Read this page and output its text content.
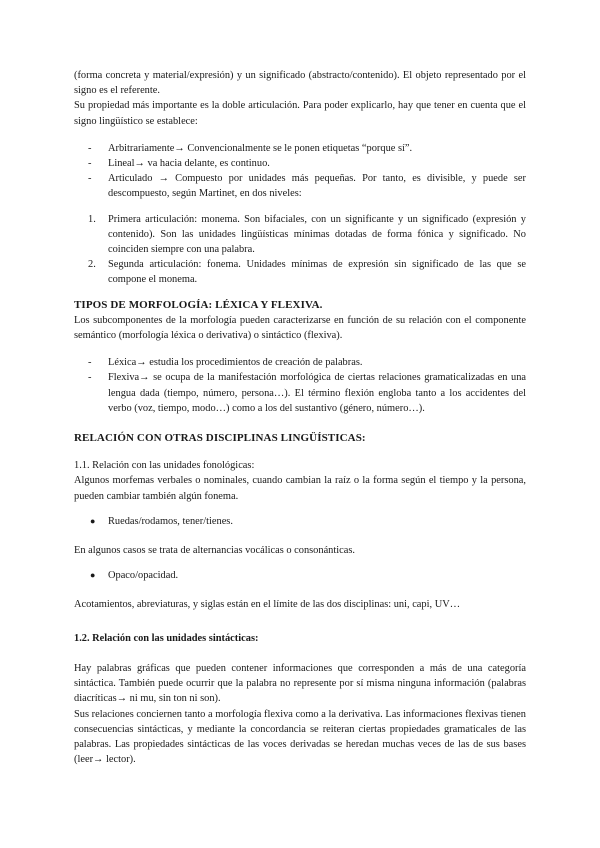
(forma concreta y material/expresión) y un significado (abstracto/contenido). El objeto representado por el signo es el referente.

Su propiedad más importante es la doble articulación. Para poder explicarlo, hay que tener en cuenta que el signo lingüístico se establece:

- Arbitrariamente→ Convencionalmente se le ponen etiquetas “porque sí”.
- Lineal→ va hacia delante, es continuo.
- Articulado → Compuesto por unidades más pequeñas. Por tanto, es divisible, y puede ser descompuesto, según Martinet, en dos niveles:
1. Primera articulación: monema. Son bifaciales, con un significante y un significado (expresión y contenido). Son las unidades lingüísticas mínimas dotadas de forma fónica y significado. No coinciden siempre con una palabra.
2. Segunda articulación: fonema. Unidades mínimas de expresión sin significado de las que se compone el monema.
TIPOS DE MORFOLOGÍA: LÉXICA Y FLEXIVA.

Los subcomponentes de la morfología pueden caracterizarse en función de su relación con el componente semántico (morfología léxica o derivativa) o sintáctico (flexiva).

- Léxica→ estudia los procedimientos de creación de palabras.
- Flexiva→ se ocupa de la manifestación morfológica de ciertas relaciones gramaticalizadas en una lengua dada (tiempo, número, persona…). El término flexión engloba tanto a los accidentes del verbo (voz, tiempo, modo…) como a los del sustantivo (género, número…).
RELACIÓN CON OTRAS DISCIPLINAS LINGÜÍSTICAS:

1.1. Relación con las unidades fonológicas:

Algunos morfemas verbales o nominales, cuando cambian la raíz o la forma según el tiempo y la persona, pueden cambiar también algún fonema.

● Ruedas/rodamos, tener/tienes.

En algunos casos se trata de alternancias vocálicas o consonánticas.

● Opaco/opacidad.

Acotamientos, abreviaturas, y siglas están en el límite de las dos disciplinas: uni, capi, UV…

1.2. Relación con las unidades sintácticas:

Hay palabras gráficas que pueden contener informaciones que corresponden a más de una categoría sintáctica. También puede ocurrir que la palabra no represente por sí misma ninguna información (palabras diacríticas→ ni mu, sin ton ni son).

Sus relaciones conciernen tanto a morfología flexiva como a la derivativa. Las informaciones flexivas tienen consecuencias sintácticas, y mediante la concordancia se reiteran ciertas propiedades gramaticales de las palabras. Las propiedades sintácticas de las voces derivadas se heredan muchas veces de las de sus bases (leer→ lector).
